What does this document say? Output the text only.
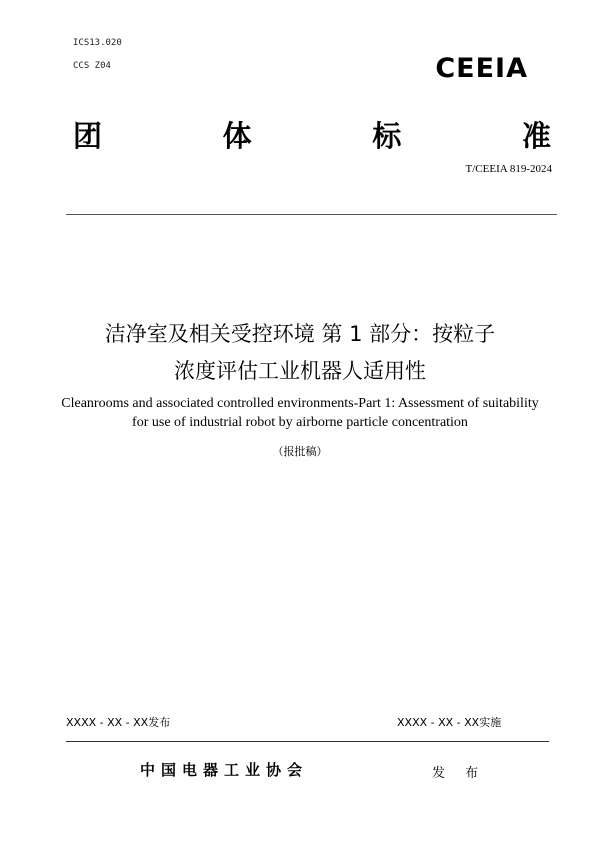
ICS13.020
CCS Z04	CEEIA
团	体	标	准
T/CEEIA 819-2024
洁净室及相关受控环境 第 1 部分：按粒子
浓度评估工业机器人适用性
Cleanrooms and associated controlled environments-Part 1: Assessment of suitability
for use of industrial robot by airborne particle concentration
（报批稿）
XXXX - XX - XX发布	XXXX - XX - XX实施
中国电器工业协会	发 布
